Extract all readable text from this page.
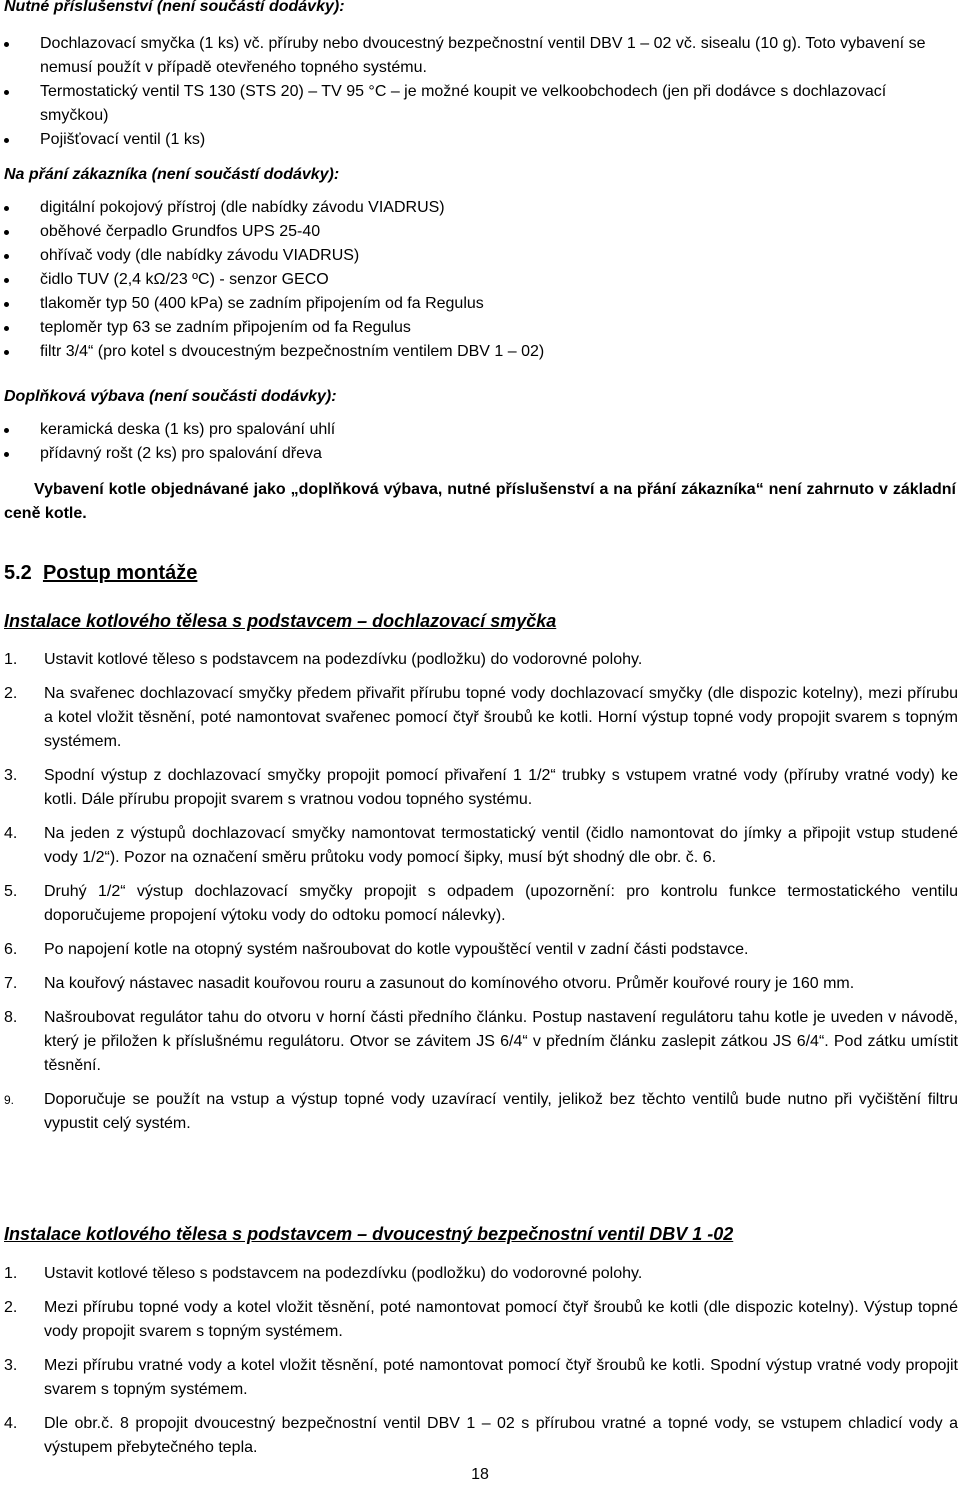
Nutné příslušenství (není součástí dodávky):
Dochlazovací smyčka (1 ks) vč. příruby nebo dvoucestný bezpečnostní ventil DBV 1 – 02 vč. sisealu (10 g). Toto vybavení se nemusí použít v případě otevřeného topného systému.
Termostatický ventil TS 130 (STS 20) – TV 95 °C – je možné koupit ve velkoobchodech (jen při dodávce s dochlazovací smyčkou)
Pojišťovací ventil (1 ks)
Na přání zákazníka (není součástí dodávky):
digitální pokojový přístroj (dle nabídky závodu VIADRUS)
oběhové čerpadlo Grundfos UPS 25-40
ohřívač vody (dle nabídky závodu VIADRUS)
čidlo TUV (2,4 kΩ/23 ºC) - senzor GECO
tlakoměr typ 50 (400 kPa) se zadním připojením od fa Regulus
teploměr typ 63 se zadním připojením od fa Regulus
filtr 3/4“ (pro kotel s dvoucestným bezpečnostním ventilem DBV 1 – 02)
Doplňková výbava (není součásti dodávky):
keramická deska (1 ks) pro spalování uhlí
přídavný rošt (2 ks) pro spalování dřeva
Vybavení kotle objednávané jako „doplňková výbava, nutné příslušenství a na přání zákazníka“ není zahrnuto v základní ceně kotle.
5.2 Postup montáže
Instalace kotlového tělesa s podstavcem – dochlazovací smyčka
1. Ustavit kotlové těleso s podstavcem na podezdívku (podložku) do vodorovné polohy.
2. Na svařenec dochlazovací smyčky předem přivařit přírubu topné vody dochlazovací smyčky (dle dispozic kotelny), mezi přírubu a kotel vložit těsnění, poté namontovat svařenec pomocí čtyř šroubů ke kotli. Horní výstup topné vody propojit svarem s topným systémem.
3. Spodní výstup z dochlazovací smyčky propojit pomocí přivaření 1 1/2“ trubky s vstupem vratné vody (příruby vratné vody) ke kotli. Dále přírubu propojit svarem s vratnou vodou topného systému.
4. Na jeden z výstupů dochlazovací smyčky namontovat termostatický ventil (čidlo namontovat do jímky a připojit vstup studené vody 1/2“). Pozor na označení směru průtoku vody pomocí šipky, musí být shodný dle obr. č. 6.
5. Druhý 1/2“ výstup dochlazovací smyčky propojit s odpadem (upozornění: pro kontrolu funkce termostatického ventilu doporučujeme propojení výtoku vody do odtoku pomocí nálevky).
6. Po napojení kotle na otopný systém našroubovat do kotle vypouštěcí ventil v zadní části podstavce.
7. Na kouřový nástavec nasadit kouřovou rouru a zasunout do komínového otvoru. Průměr kouřové roury je 160 mm.
8. Našroubovat regulátor tahu do otvoru v horní části předního článku. Postup nastavení regulátoru tahu kotle je uveden v návodě, který je přiložen k příslušnému regulátoru. Otvor se závitem JS 6/4“ v předním článku zaslepit zátkou JS 6/4“. Pod zátku umístit těsnění.
9. Doporučuje se použít na vstup a výstup topné vody uzavírací ventily, jelikož bez těchto ventilů bude nutno při vyčištění filtru vypustit celý systém.
Instalace kotlového tělesa s podstavcem – dvoucestný bezpečnostní ventil DBV 1 -02
1. Ustavit kotlové těleso s podstavcem na podezdívku (podložku) do vodorovné polohy.
2. Mezi přírubu topné vody a kotel vložit těsnění, poté namontovat pomocí čtyř šroubů ke kotli (dle dispozic kotelny). Výstup topné vody propojit svarem s topným systémem.
3. Mezi přírubu vratné vody a kotel vložit těsnění, poté namontovat pomocí čtyř šroubů ke kotli. Spodní výstup vratné vody propojit svarem s topným systémem.
4. Dle obr.č. 8 propojit dvoucestný bezpečnostní ventil DBV 1 – 02 s přírubou vratné a topné vody, se vstupem chladicí vody a výstupem přebytečného tepla.
18
